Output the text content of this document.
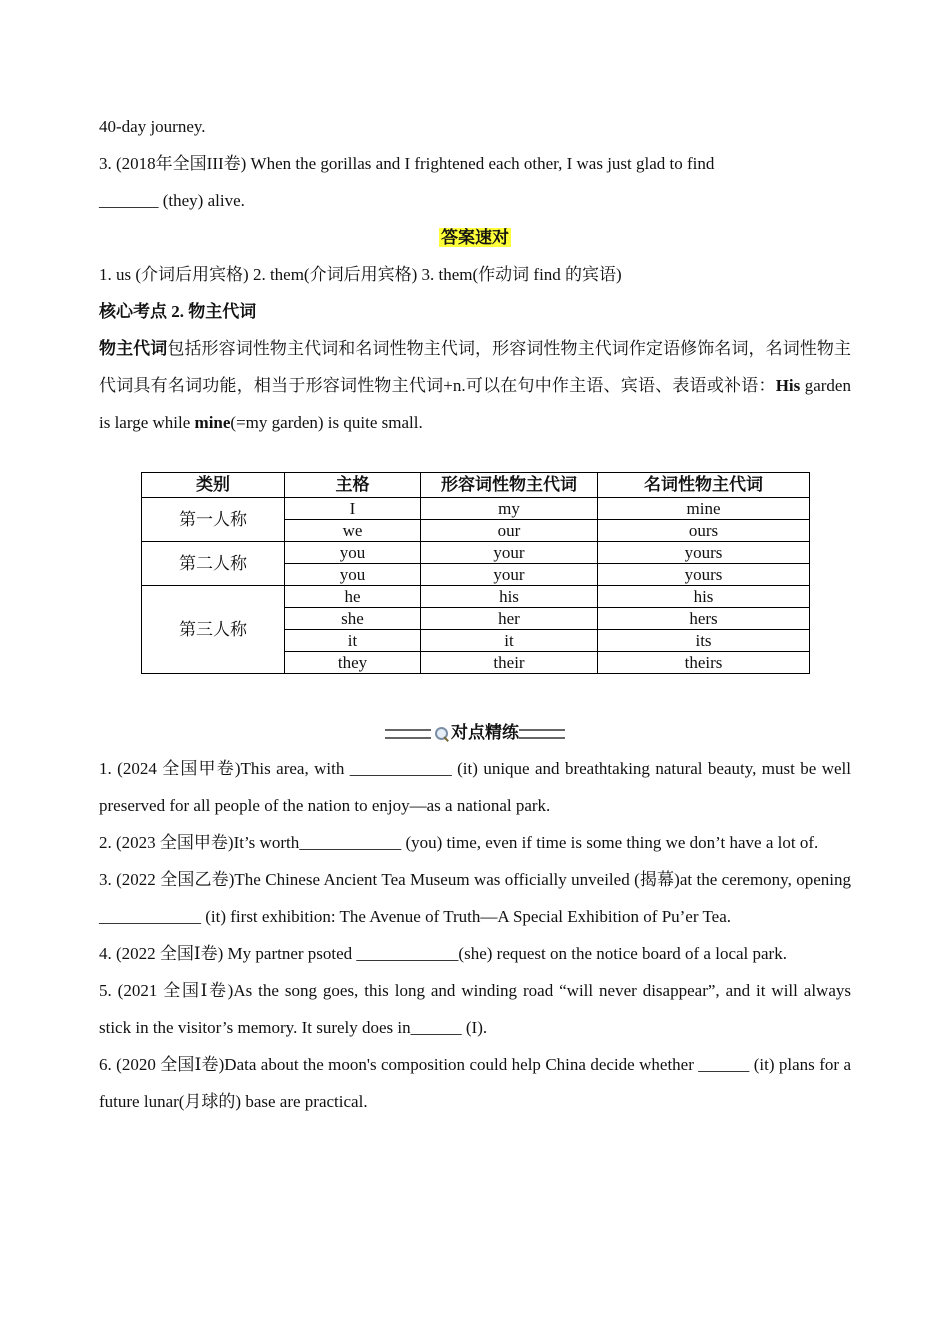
40-day journey.

3. (2018年全国III卷) When the gorillas and I frightened each other, I was just glad to find

_______ (they) alive.

答案速对

1. us (介词后用宾格) 2. them(介词后用宾格) 3. them(作动词 find 的宾语)

核心考点 2. 物主代词

物主代词包括形容词性物主代词和名词性物主代词，形容词性物主代词作定语修饰名词，名词性物主代词具有名词功能，相当于形容词性物主代词+n.可以在句中作主语、宾语、表语或补语：His garden is large while mine(=my garden) is quite small.

类别	主格	形容词性物主代词	名词性物主代词
第一人称	I	my	mine
	we	our	ours
第二人称	you	your	yours
	you	your	yours
第三人称	he	his	his
	she	her	hers
	it	it	its
	they	their	theirs
对点精练

1. (2024 全国甲卷)This area, with ____________ (it) unique and breathtaking natural beauty, must be well preserved for all people of the nation to enjoy—as a national park.

2. (2023 全国甲卷)It’s worth____________ (you) time, even if time is some thing we don’t have a lot of.

3. (2022 全国乙卷)The Chinese Ancient Tea Museum was officially unveiled (揭幕)at the ceremony, opening ____________ (it) first exhibition: The Avenue of Truth—A Special Exhibition of Pu’er Tea.

4. (2022 全国Ⅰ卷) My partner psoted ____________(she) request on the notice board of a local park.

5. (2021 全国Ⅰ卷)As the song goes, this long and winding road “will never disappear”, and it will always stick in the visitor’s memory. It surely does in______ (I).

6. (2020 全国Ⅰ卷)Data about the moon's composition could help China decide whether ______ (it) plans for a future lunar(月球的) base are practical.
